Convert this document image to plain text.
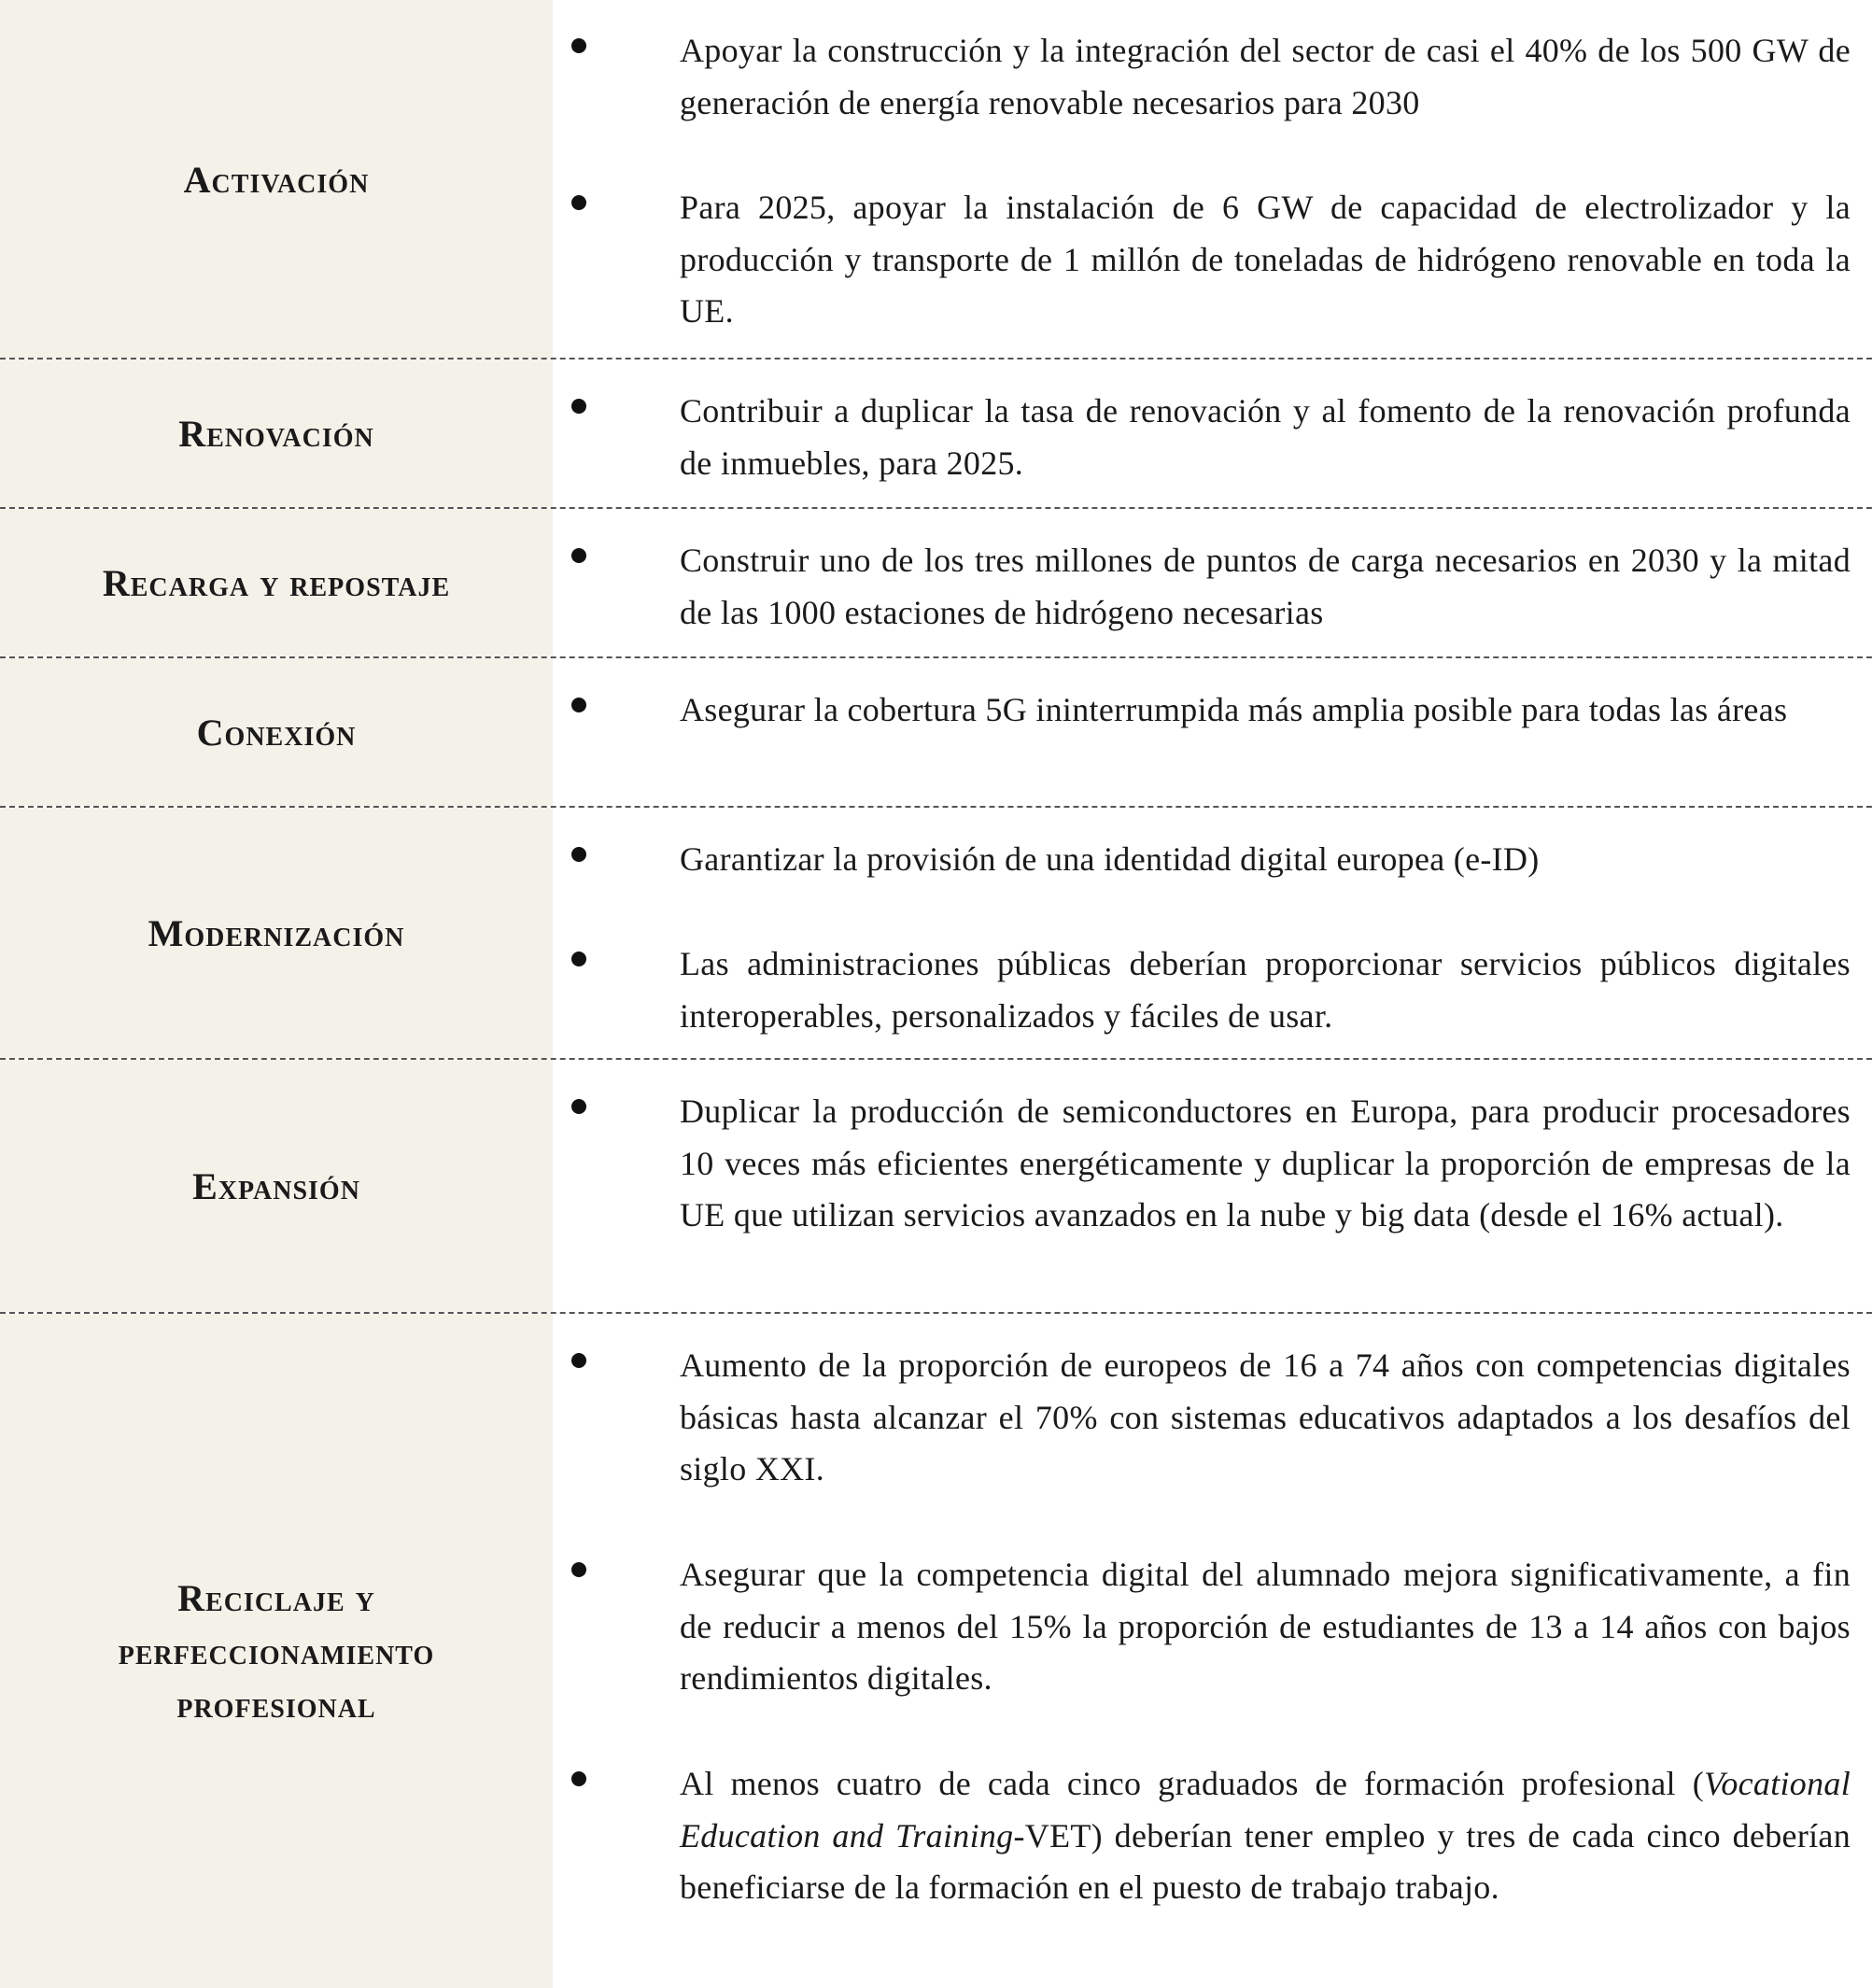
Activación
Apoyar la construcción y la integración del sector de casi el 40% de los 500 GW de generación de energía renovable necesarios para 2030
Para 2025, apoyar la instalación de 6 GW de capacidad de electrolizador y la producción y transporte de 1 millón de toneladas de hidrógeno renovable en toda la UE.
Renovación
Contribuir a duplicar la tasa de renovación y al fomento de la renovación profunda de inmuebles, para 2025.
Recarga y repostaje
Construir uno de los tres millones de puntos de carga necesarios en 2030 y la mitad de las 1000 estaciones de hidrógeno necesarias
Conexión
Asegurar la cobertura 5G ininterrumpida más amplia posible para todas las áreas
Modernización
Garantizar la provisión de una identidad digital europea (e-ID)
Las administraciones públicas deberían proporcionar servicios públicos digitales interoperables, personalizados y fáciles de usar.
Expansión
Duplicar la producción de semiconductores en Europa, para producir procesadores 10 veces más eficientes energéticamente y duplicar la proporción de empresas de la UE que utilizan servicios avanzados en la nube y big data (desde el 16% actual).
Reciclaje y
perfeccionamiento
profesional
Aumento de la proporción de europeos de 16 a 74 años con competencias digitales básicas hasta alcanzar el 70% con sistemas educativos adaptados a los desafíos del siglo XXI.
Asegurar que la competencia digital del alumnado mejora significativamente, a fin de reducir a menos del 15% la proporción de estudiantes de 13 a 14 años con bajos rendimientos digitales.
Al menos cuatro de cada cinco graduados de formación profesional (Vocational Education and Training-VET) deberían tener empleo y tres de cada cinco deberían beneficiarse de la formación en el puesto de trabajo trabajo.
